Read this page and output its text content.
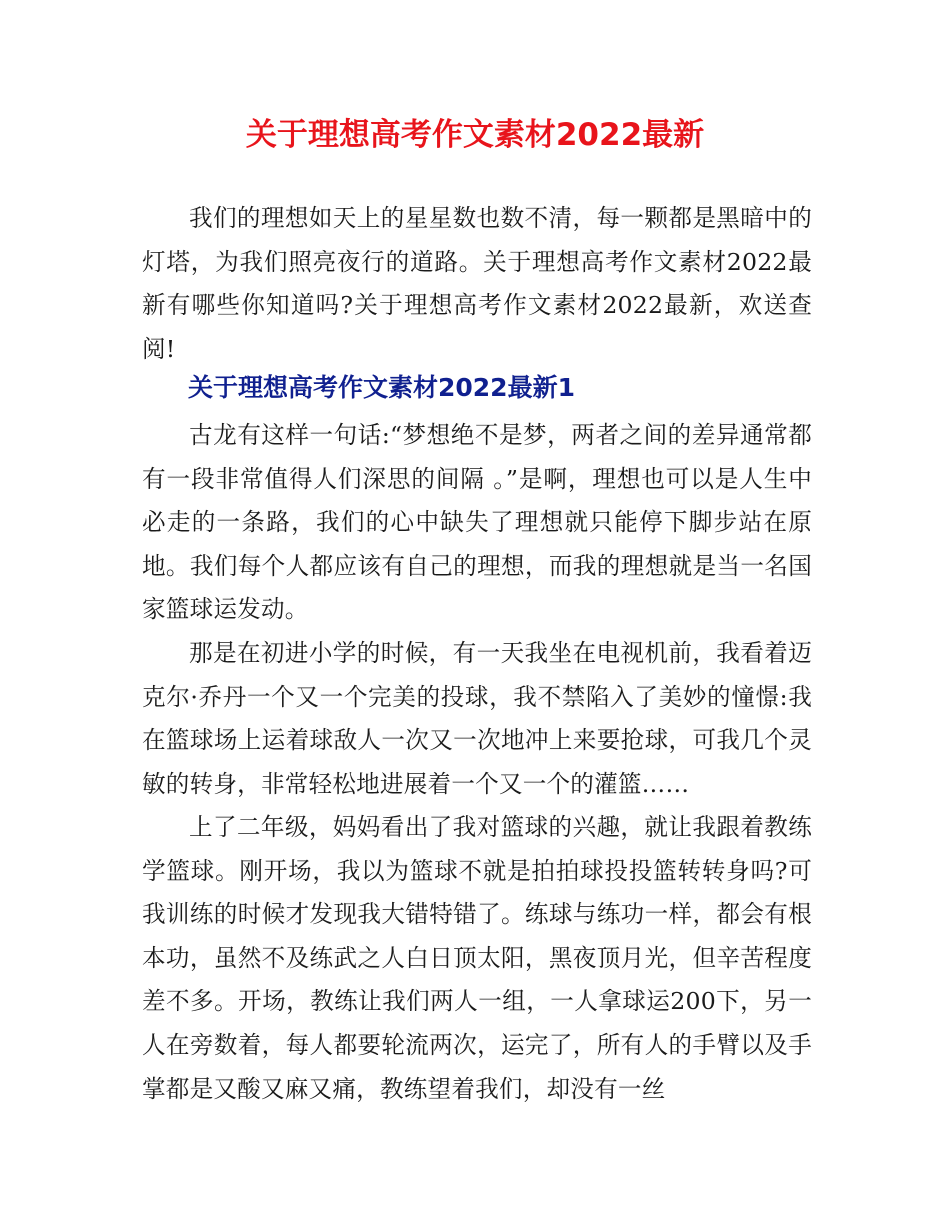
关于理想高考作文素材2022最新

我们的理想如天上的星星数也数不清，每一颗都是黑暗中的灯塔，为我们照亮夜行的道路。关于理想高考作文素材2022最新有哪些你知道吗?关于理想高考作文素材2022最新，欢送查阅!

关于理想高考作文素材2022最新1

古龙有这样一句话:“梦想绝不是梦，两者之间的差异通常都有一段非常值得人们深思的间隔 。”是啊，理想也可以是人生中必走的一条路，我们的心中缺失了理想就只能停下脚步站在原地。我们每个人都应该有自己的理想，而我的理想就是当一名国家篮球运发动。

那是在初进小学的时候，有一天我坐在电视机前，我看着迈克尔·乔丹一个又一个完美的投球，我不禁陷入了美妙的憧憬:我在篮球场上运着球敌人一次又一次地冲上来要抢球，可我几个灵敏的转身，非常轻松地进展着一个又一个的灌篮……

上了二年级，妈妈看出了我对篮球的兴趣，就让我跟着教练学篮球。刚开场，我以为篮球不就是拍拍球投投篮转转身吗?可我训练的时候才发现我大错特错了。练球与练功一样，都会有根本功，虽然不及练武之人白日顶太阳，黑夜顶月光，但辛苦程度差不多。开场，教练让我们两人一组，一人拿球运200下，另一人在旁数着，每人都要轮流两次，运完了，所有人的手臂以及手掌都是又酸又麻又痛，教练望着我们，却没有一丝
